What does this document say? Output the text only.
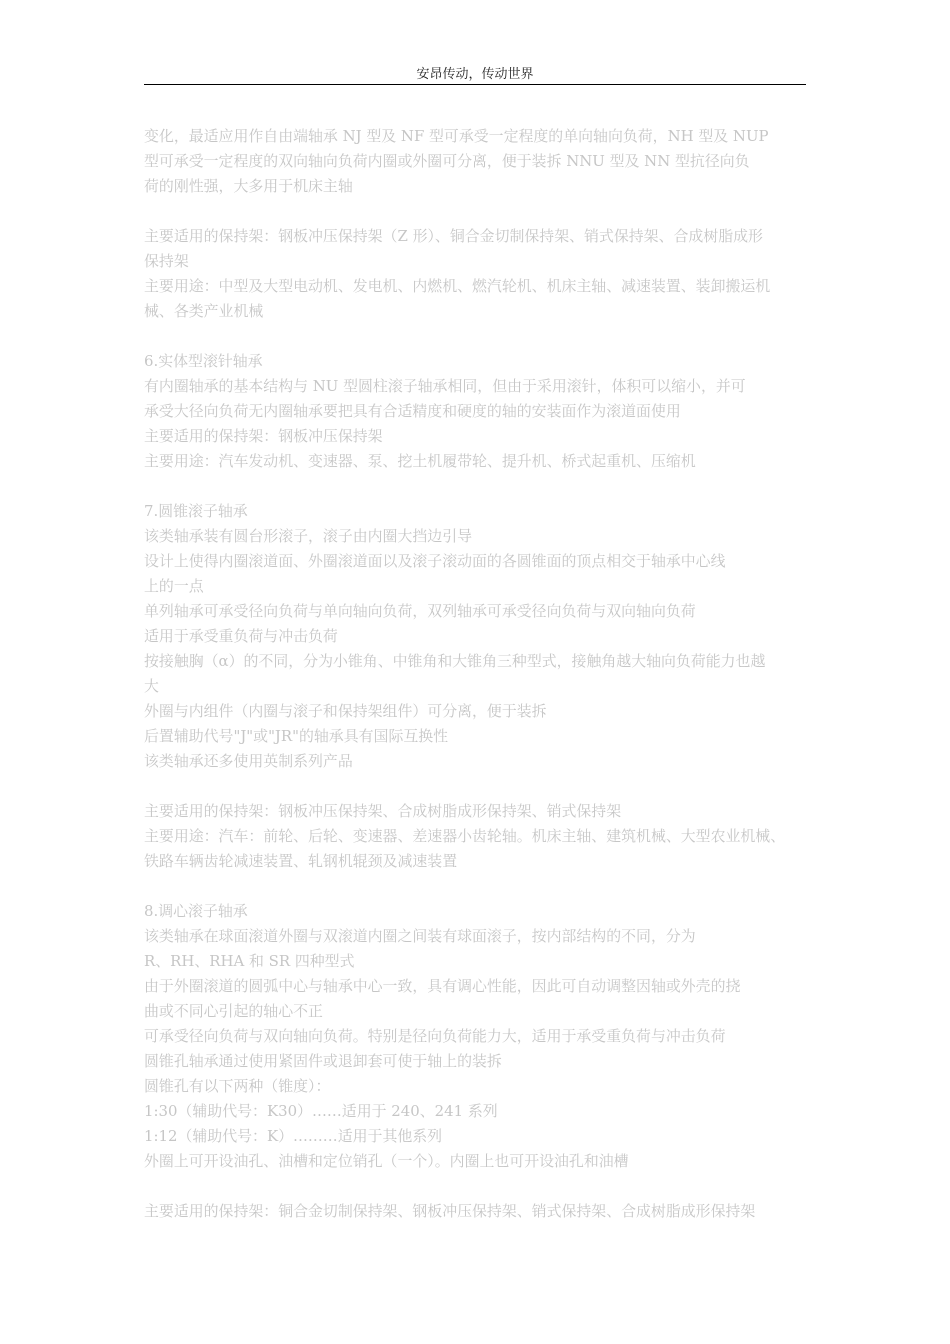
安昂传动，传动世界
变化，最适应用作自由端轴承 NJ 型及 NF 型可承受一定程度的单向轴向负荷，NH 型及 NUP
型可承受一定程度的双向轴向负荷内圈或外圈可分离，便于装拆 NNU 型及 NN 型抗径向负
荷的刚性强，大多用于机床主轴
主要适用的保持架：钢板冲压保持架（Z 形）、铜合金切制保持架、销式保持架、合成树脂成形
保持架
主要用途：中型及大型电动机、发电机、内燃机、燃汽轮机、机床主轴、减速装置、装卸搬运机
械、各类产业机械
6.实体型滚针轴承
有内圈轴承的基本结构与 NU 型圆柱滚子轴承相同，但由于采用滚针，体积可以缩小，并可
承受大径向负荷无内圈轴承要把具有合适精度和硬度的轴的安装面作为滚道面使用
主要适用的保持架：钢板冲压保持架
主要用途：汽车发动机、变速器、泵、挖土机履带轮、提升机、桥式起重机、压缩机
7.圆锥滚子轴承
该类轴承装有圆台形滚子，滚子由内圈大挡边引导
设计上使得内圈滚道面、外圈滚道面以及滚子滚动面的各圆锥面的顶点相交于轴承中心线
上的一点
单列轴承可承受径向负荷与单向轴向负荷，双列轴承可承受径向负荷与双向轴向负荷
适用于承受重负荷与冲击负荷
按接触胸（α）的不同，分为小锥角、中锥角和大锥角三种型式，接触角越大轴向负荷能力也越
大
外圈与内组件（内圈与滚子和保持架组件）可分离，便于装拆
后置辅助代号"J"或"JR"的轴承具有国际互换性
该类轴承还多使用英制系列产品
主要适用的保持架：钢板冲压保持架、合成树脂成形保持架、销式保持架
主要用途：汽车：前轮、后轮、变速器、差速器小齿轮轴。机床主轴、建筑机械、大型农业机械、
铁路车辆齿轮减速装置、轧钢机辊颈及减速装置
8.调心滚子轴承
该类轴承在球面滚道外圈与双滚道内圈之间装有球面滚子，按内部结构的不同，分为
R、RH、RHA 和 SR 四种型式
由于外圈滚道的圆弧中心与轴承中心一致，具有调心性能，因此可自动调整因轴或外壳的挠
曲或不同心引起的轴心不正
可承受径向负荷与双向轴向负荷。特别是径向负荷能力大，适用于承受重负荷与冲击负荷
圆锥孔轴承通过使用紧固件或退卸套可使于轴上的装拆
圆锥孔有以下两种（锥度）：
1:30（辅助代号：K30）……适用于 240、241 系列
1:12（辅助代号：K）………适用于其他系列
外圈上可开设油孔、油槽和定位销孔（一个）。内圈上也可开设油孔和油槽
主要适用的保持架：铜合金切制保持架、钢板冲压保持架、销式保持架、合成树脂成形保持架
